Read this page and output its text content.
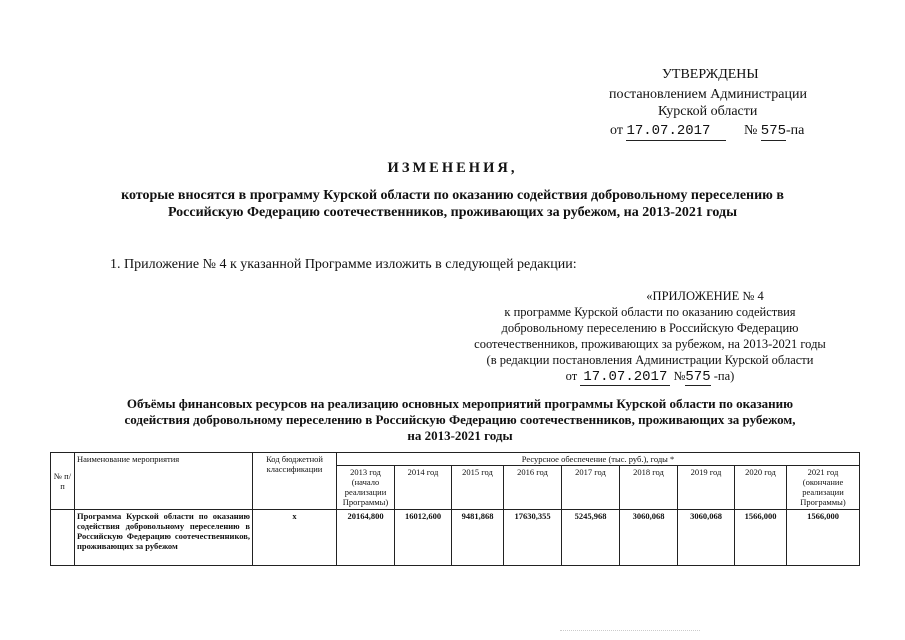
УТВЕРЖДЕНЫ
постановлением Администрации
Курской области
от 17.07.2017 № 575-па
ИЗМЕНЕНИЯ,
которые вносятся в программу Курской области по оказанию содействия добровольному переселению в
Российскую Федерацию соотечественников, проживающих за рубежом, на 2013-2021 годы
1. Приложение № 4 к указанной Программе изложить в следующей редакции:
«ПРИЛОЖЕНИЕ № 4
к программе Курской области по оказанию содействия
добровольному переселению в Российскую Федерацию
соотечественников, проживающих за рубежом, на 2013-2021 годы
(в редакции постановления Администрации Курской области
от 17.07.2017 №575 -па)
Объёмы финансовых ресурсов на реализацию основных мероприятий программы Курской области по оказанию
содействия добровольному переселению в Российскую Федерацию соотечественников, проживающих за рубежом,
на 2013-2021 годы
№ п/п	Наименование мероприятия	Код бюджетной классификации	Ресурсное обеспечение (тыс. руб.), годы *								
			2013 год (начало реализации Программы)	2014 год	2015 год	2016 год	2017 год	2018 год	2019 год	2020 год	2021 год (окончание реализации Программы)
	Программа Курской области по оказанию содействия добровольному переселению в Российскую Федерацию соотечественников, проживающих за рубежом	x	20164,800	16012,600	9481,868	17630,355	5245,968	3060,068	3060,068	1566,000	1566,000
